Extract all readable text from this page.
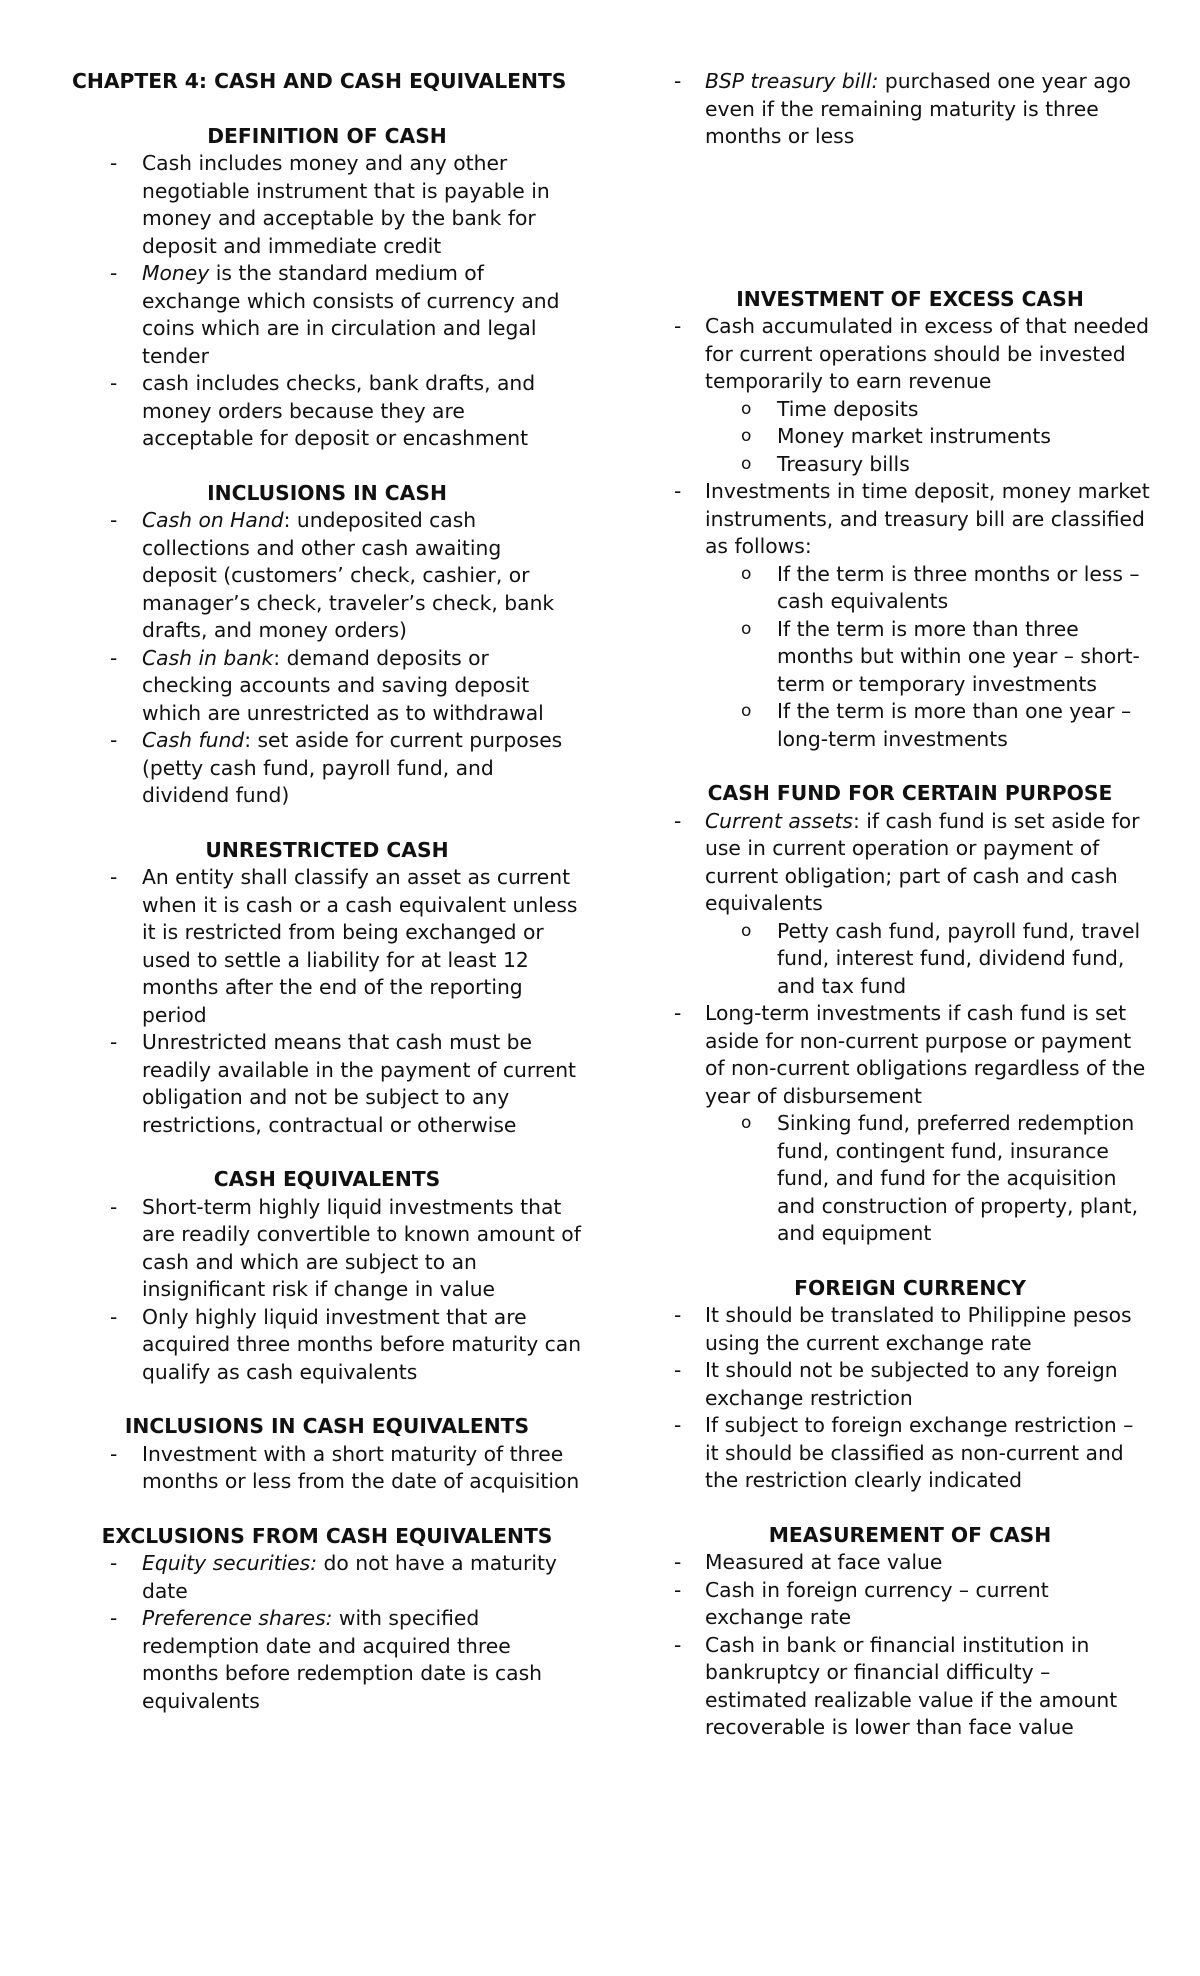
CHAPTER 4: CASH AND CASH EQUIVALENTS

DEFINITION OF CASH

- Cash includes money and any other negotiable instrument that is payable in money and acceptable by the bank for deposit and immediate credit
- Money is the standard medium of exchange which consists of currency and coins which are in circulation and legal tender
- cash includes checks, bank drafts, and money orders because they are acceptable for deposit or encashment

INCLUSIONS IN CASH

- Cash on Hand: undeposited cash collections and other cash awaiting deposit (customers’ check, cashier, or manager’s check, traveler’s check, bank drafts, and money orders)
- Cash in bank: demand deposits or checking accounts and saving deposit which are unrestricted as to withdrawal
- Cash fund: set aside for current purposes (petty cash fund, payroll fund, and dividend fund)

UNRESTRICTED CASH

- An entity shall classify an asset as current when it is cash or a cash equivalent unless it is restricted from being exchanged or used to settle a liability for at least 12 months after the end of the reporting period
- Unrestricted means that cash must be readily available in the payment of current obligation and not be subject to any restrictions, contractual or otherwise

CASH EQUIVALENTS

- Short-term highly liquid investments that are readily convertible to known amount of cash and which are subject to an insignificant risk if change in value
- Only highly liquid investment that are acquired three months before maturity can qualify as cash equivalents

INCLUSIONS IN CASH EQUIVALENTS

- Investment with a short maturity of three months or less from the date of acquisition

EXCLUSIONS FROM CASH EQUIVALENTS

- Equity securities: do not have a maturity date
- Preference shares: with specified redemption date and acquired three months before redemption date is cash equivalents
- BSP treasury bill: purchased one year ago even if the remaining maturity is three months or less

INVESTMENT OF EXCESS CASH

- Cash accumulated in excess of that needed for current operations should be invested temporarily to earn revenue
o Time deposits
o Money market instruments
o Treasury bills
- Investments in time deposit, money market instruments, and treasury bill are classified as follows:
o If the term is three months or less – cash equivalents
o If the term is more than three months but within one year – short-term or temporary investments
o If the term is more than one year – long-term investments

CASH FUND FOR CERTAIN PURPOSE

- Current assets: if cash fund is set aside for use in current operation or payment of current obligation; part of cash and cash equivalents
o Petty cash fund, payroll fund, travel fund, interest fund, dividend fund, and tax fund
- Long-term investments if cash fund is set aside for non-current purpose or payment of non-current obligations regardless of the year of disbursement
o Sinking fund, preferred redemption fund, contingent fund, insurance fund, and fund for the acquisition and construction of property, plant, and equipment

FOREIGN CURRENCY

- It should be translated to Philippine pesos using the current exchange rate
- It should not be subjected to any foreign exchange restriction
- If subject to foreign exchange restriction – it should be classified as non-current and the restriction clearly indicated

MEASUREMENT OF CASH

- Measured at face value
- Cash in foreign currency – current exchange rate
- Cash in bank or financial institution in bankruptcy or financial difficulty – estimated realizable value if the amount recoverable is lower than face value
